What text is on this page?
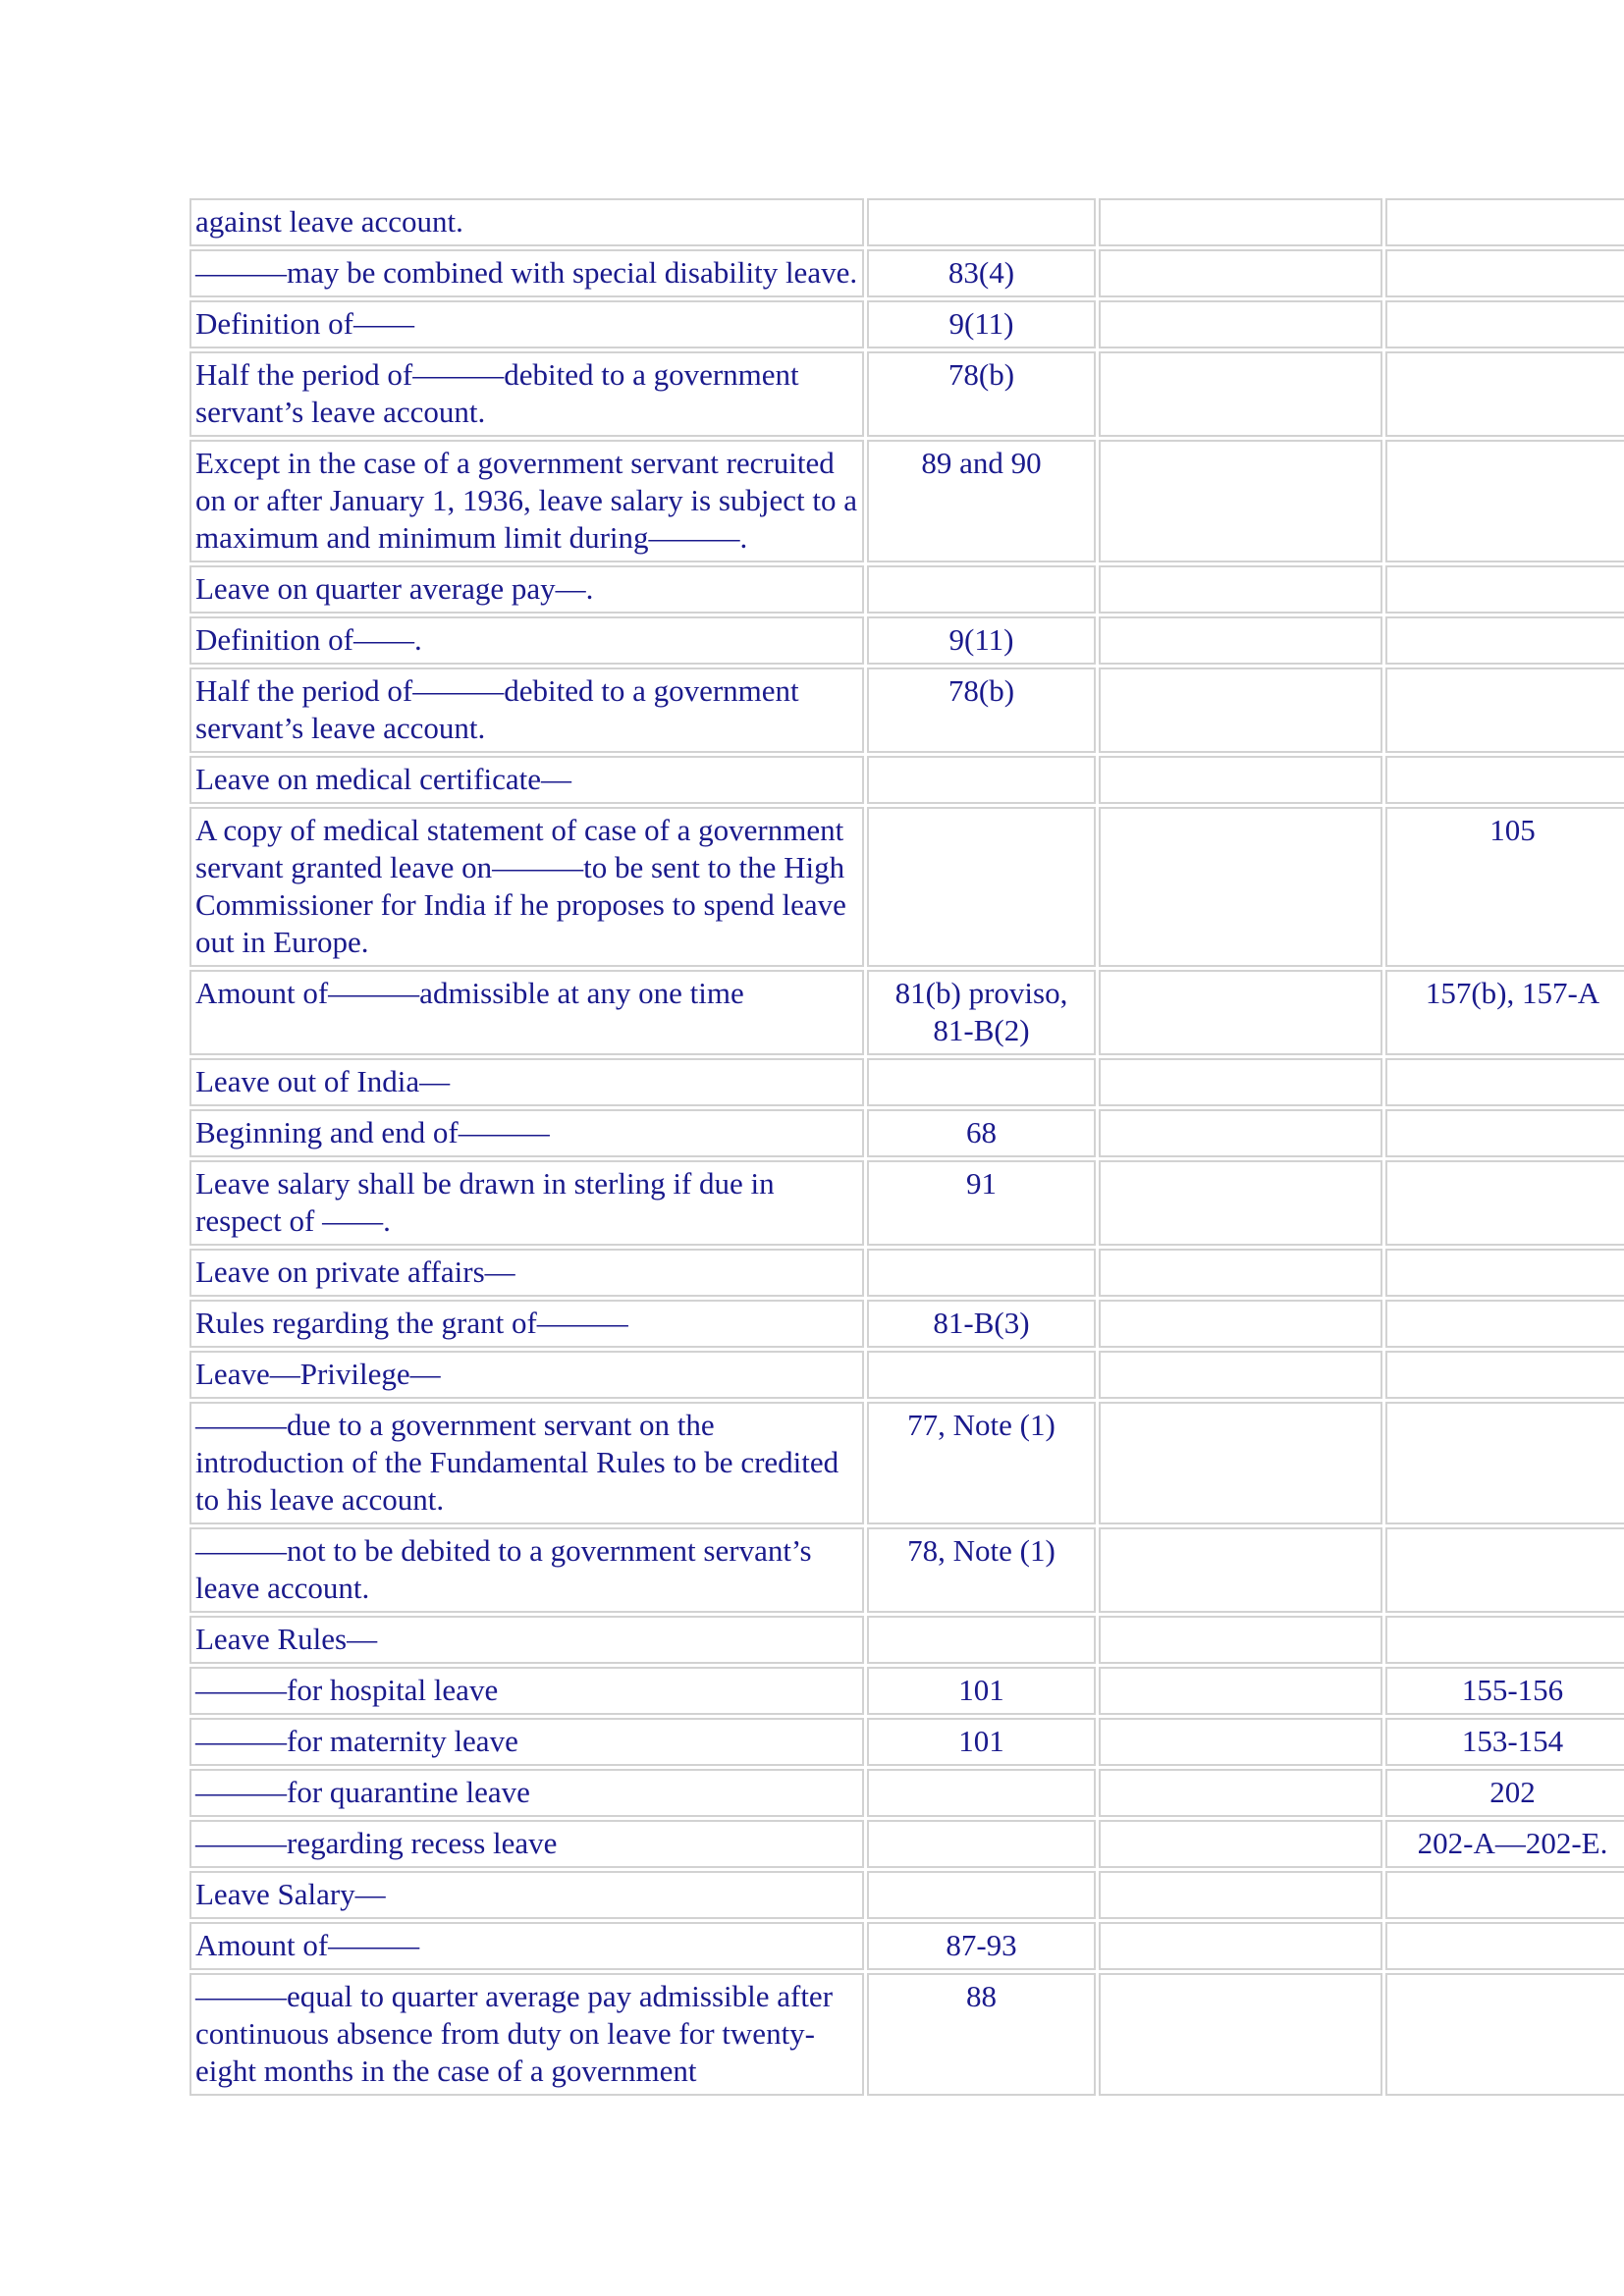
against leave account.			
———may be combined with special disability leave.	83(4)		
Definition of——	9(11)		
Half the period of———debited to a government servant’s leave account.	78(b)		
Except in the case of a government servant recruited on or after January 1, 1936, leave salary is subject to a maximum and minimum limit during———.	89 and 90		
Leave on quarter average pay—.			
Definition of——.	9(11)		
Half the period of———debited to a government servant’s leave account.	78(b)		
Leave on medical certificate—			
A copy of medical statement of case of a government servant granted leave on———to be sent to the High Commissioner for India if he proposes to spend leave out in Europe.			105
Amount of———admissible at any one time	81(b) proviso, 81-B(2)		157(b), 157-A
Leave out of India—			
Beginning and end of———	68		
Leave salary shall be drawn in sterling if due in respect of ——.	91		
Leave on private affairs—			
Rules regarding the grant of———	81-B(3)		
Leave—Privilege—			
———due to a government servant on the introduction of the Fundamental Rules to be credited to his leave account.	77, Note (1)		
———not to be debited to a government servant’s leave account.	78, Note (1)		
Leave Rules—			
———for hospital leave	101		155-156
———for maternity leave	101		153-154
———for quarantine leave			202
———regarding recess leave			202-A—202-E.
Leave Salary—			
Amount of———	87-93		
———equal to quarter average pay admissible after continuous absence from duty on leave for twenty-eight months in the case of a government	88		
